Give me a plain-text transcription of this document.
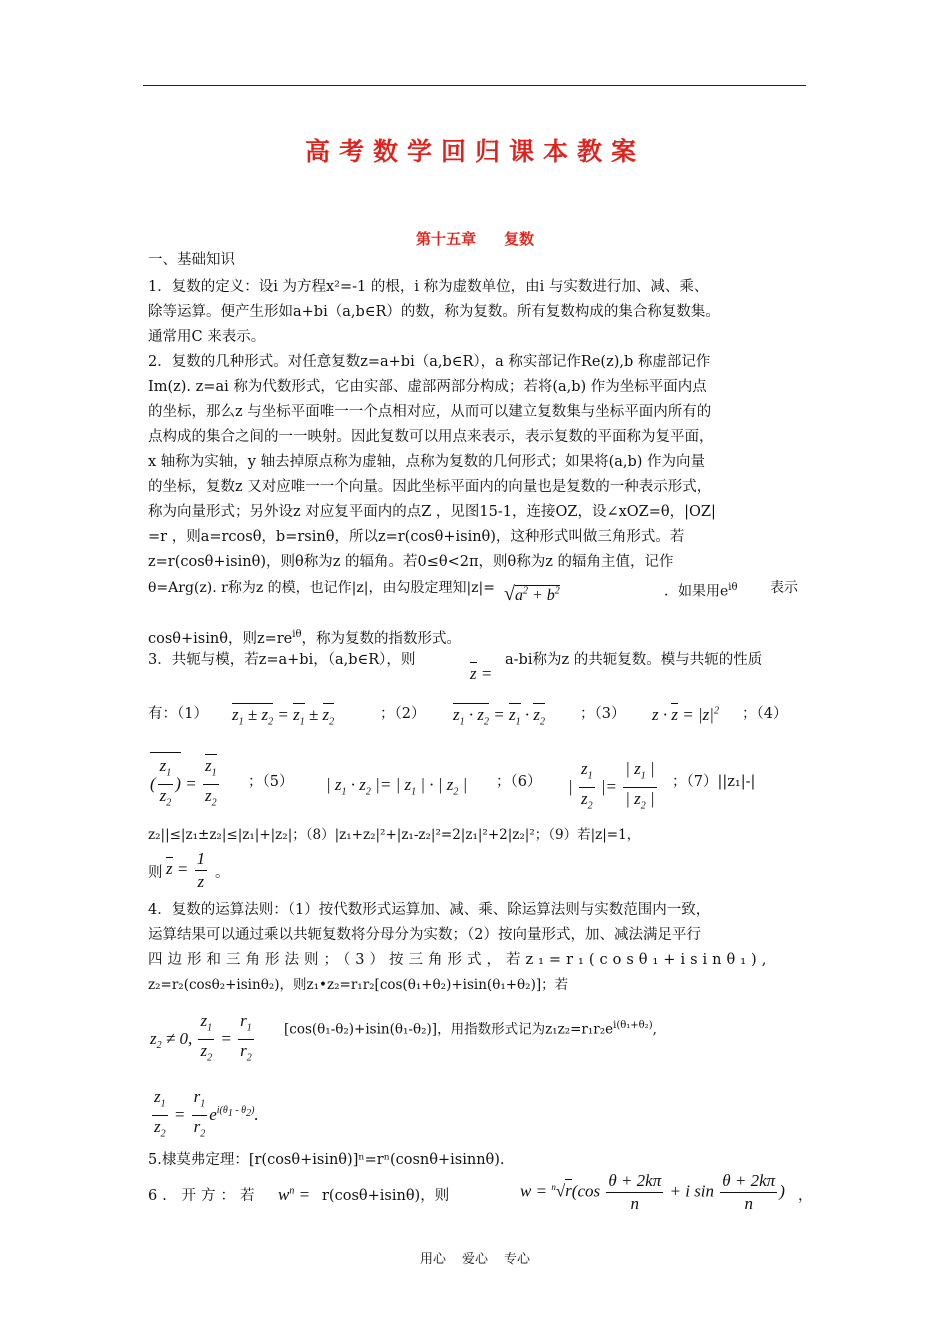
高考数学回归课本教案
第十五章 复数
一、基础知识
1．复数的定义：设i 为方程x²=-1 的根，i 称为虚数单位，由i 与实数进行加、减、乘、
除等运算。便产生形如a+bi（a,b∈R）的数，称为复数。所有复数构成的集合称复数集。
通常用C 来表示。
2．复数的几种形式。对任意复数z=a+bi（a,b∈R），a 称实部记作Re(z),b 称虚部记作
Im(z). z=ai 称为代数形式，它由实部、虚部两部分构成；若将(a,b) 作为坐标平面内点
的坐标，那么z 与坐标平面唯一一个点相对应，从而可以建立复数集与坐标平面内所有的
点构成的集合之间的一一映射。因此复数可以用点来表示，表示复数的平面称为复平面，
x 轴称为实轴，y 轴去掉原点称为虚轴，点称为复数的几何形式；如果将(a,b) 作为向量
的坐标，复数z 又对应唯一一个向量。因此坐标平面内的向量也是复数的一种表示形式，
称为向量形式；另外设z 对应复平面内的点Z ，见图15-1，连接OZ，设∠xOZ=θ，|OZ|
=r ，则a=rcosθ，b=rsinθ，所以z=r(cosθ+isinθ)，这种形式叫做三角形式。若
z=r(cosθ+isinθ)，则θ称为z 的辐角。若0≤θ<2π，则θ称为z 的辐角主值，记作
θ=Arg(z). r称为z 的模，也记作|z|，由勾股定理知$|z|= √a^2 + b^2$	．如果用$e^{i\theta}$	表示
cosθ+isinθ，则$z=re^{i\theta}$，称为复数的指数形式。
3．共轭与模，若z=a+bi，（a,b∈R），则
z =
a-bi称为z 的共轭复数。模与共轭的性质
有：（1）	$z_1 \pm z_2 = z_1 \pm z_2$	；（2）	$z_1 \cdot z_2 = z_1 \cdot z_2$ ；（3）	$z \cdot z = |z|^2$ ；（4）
( $\frac{z_1}{z_2}$ ) = $\frac{z_1}{z_2}$ ；（5）	| $z_1 \cdot z_2$ |= | $z_1$ | · | $z_2$ | ；（6）	| $\frac{z_1}{z_2}$ |= $\frac{| z_1 |}{| z_2 |}$ ；（7）||z₁|-|
z₂||≤|z₁±z₂|≤|z₁|+|z₂|；（8）|z₁+z₂|²+|z₁-z₂|²=2|z₁|²+2|z₂|²；（9）若|z|=1，
则 $z = \frac{1}{z}$ 。
4．复数的运算法则：（1）按代数形式运算加、减、乘、除运算法则与实数范围内一致，
运算结果可以通过乘以共轭复数将分母分为实数；（2）按向量形式，加、减法满足平行
四边形和三角形法则；（3）按三角形式，若z₁=r₁(cosθ₁+isinθ₁),
z₂=r₂(cosθ₂+isinθ₂)，则z₁•z₂=r₁r₂[cos(θ₁+θ₂)+isin(θ₁+θ₂)]；若
$z_2 \ne 0$, $\frac{z_1}{z_2} = \frac{r_1}{r_2} [\cos(\theta_1-\theta_2)+isin(\theta_1-\theta_2)]$，用指数形式记为$z_1z_2=r_1r_2e^{i(\theta_1+\theta_2)}$,
$\frac{z_1}{z_2} = \frac{r_1}{r_2} e^{i(\theta_1 - \theta_2)}$.
5.棣莫弗定理：[r(cosθ+isinθ)]ⁿ=rⁿ(cosnθ+isinnθ).
6. 开方：若	$w^n = r(\cos\theta+isin\theta)$，则	$w = ^n√r(\cos \frac{\theta + 2k\pi}{n} + i$ $\sin \frac{\theta + 2k\pi}{n}$ ) ，
用心 爱心 专心
